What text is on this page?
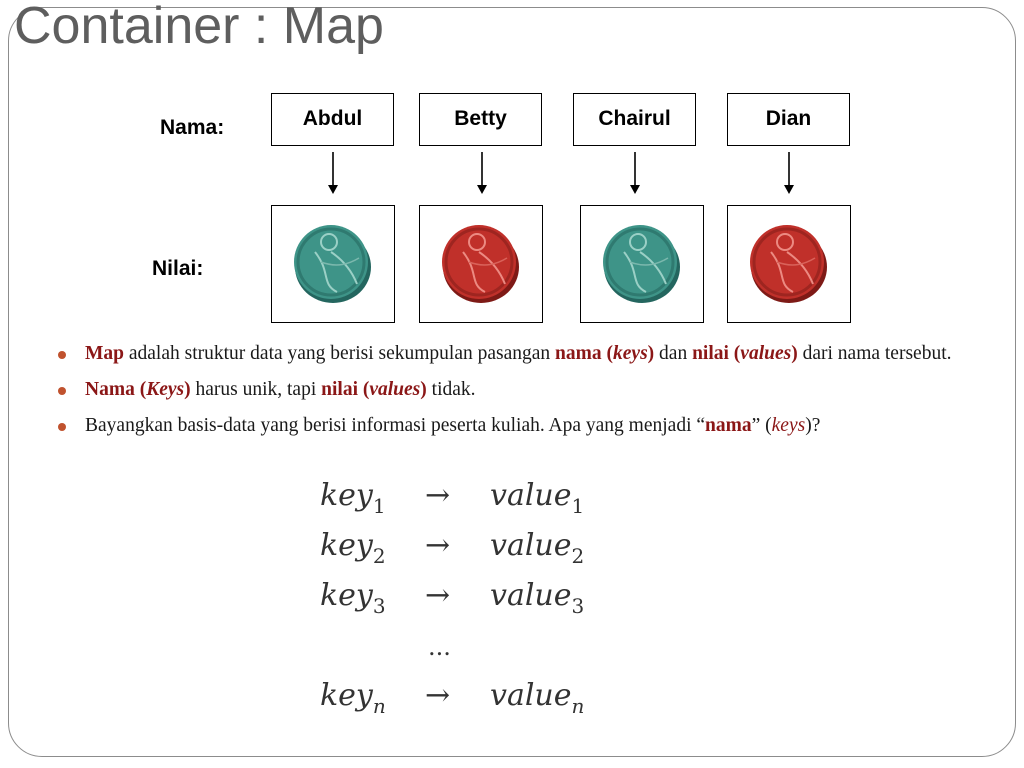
Container : Map
Nama:
Nilai:
Abdul	Betty	Chairul	Dian
Map adalah struktur data yang berisi sekumpulan pasangan nama (keys) dan nilai (values) dari nama tersebut.
Nama (Keys) harus unik, tapi nilai (values) tidak.
Bayangkan basis-data yang berisi informasi peserta kuliah. Apa yang menjadi “nama” (keys)?
key$_1$ → value$_1$
key$_2$ → value$_2$
key$_3$ → value$_3$
...
key$_n$ → value$_n$
